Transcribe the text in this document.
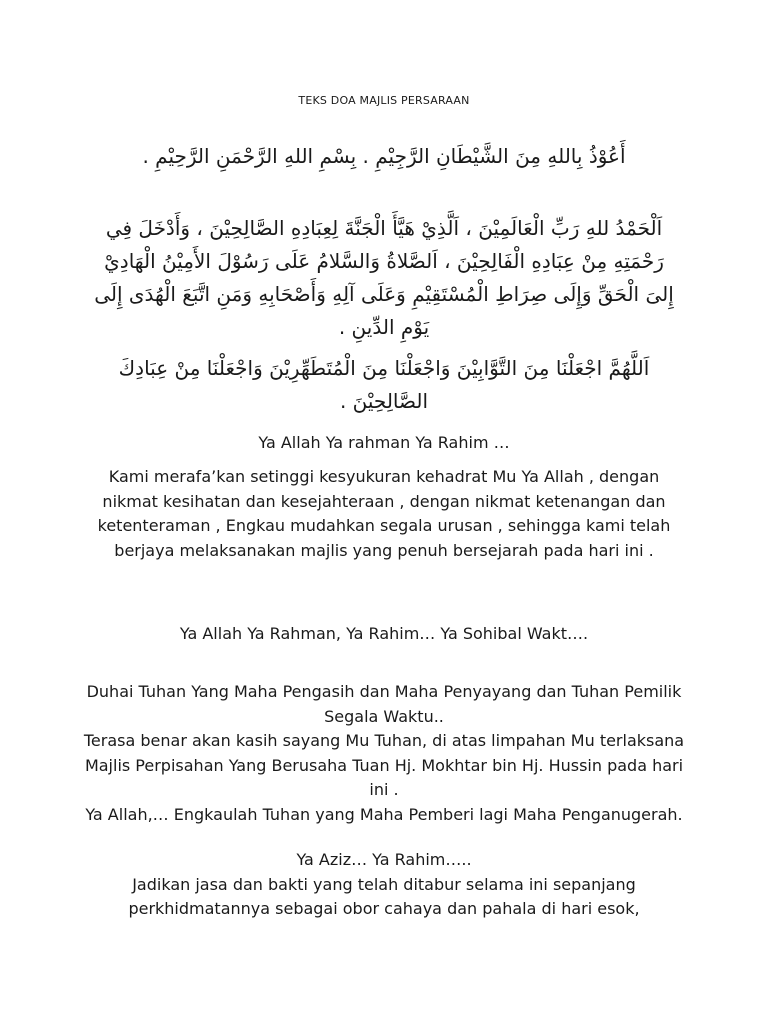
TEKS DOA MAJLIS PERSARAAN
أَعُوْذُ بِاللهِ مِنَ الشَّيْطَانِ الرَّجِيْمِ . بِسْمِ اللهِ الرَّحْمَنِ الرَّحِيْمِ .
اَلْحَمْدُ للهِ رَبِّ الْعَالَمِيْنَ ، اَلَّذِيْ هَيَّأَ الْجَنَّةَ لِعِبَادِهِ الصَّالِحِيْنَ ، وَأَدْخَلَ فِي رَحْمَتِهِ مِنْ عِبَادِهِ الْفَالِحِيْنَ ، اَلصَّلاةُ وَالسَّلامُ عَلَى رَسُوْلَ الأَمِيْنُ الْهَادِيْ إِلىَ الْحَقِّ وَإِلَى صِرَاطِ الْمُسْتَقِيْمِ وَعَلَى آلِهِ وَأَصْحَابِهِ وَمَنِ اتَّبَعَ الْهُدَى إِلَى يَوْمِ الدِّينِ .
اَللَّهُمَّ اجْعَلْنَا مِنَ التَّوَّابِيْنَ وَاجْعَلْنَا مِنَ الْمُتَطَهِّرِيْنَ وَاجْعَلْنَا مِنْ عِبَادِكَ الصَّالِحِيْنَ .
Ya Allah Ya rahman Ya Rahim …
Kami merafa’kan setinggi kesyukuran kehadrat Mu Ya Allah , dengan nikmat kesihatan dan kesejahteraan , dengan nikmat ketenangan dan ketenteraman , Engkau mudahkan segala urusan , sehingga kami telah berjaya melaksanakan majlis yang penuh bersejarah pada hari ini .
Ya Allah Ya Rahman, Ya Rahim… Ya Sohibal Wakt….
Duhai Tuhan Yang Maha Pengasih dan Maha Penyayang dan Tuhan Pemilik Segala Waktu..
Terasa benar akan kasih sayang Mu Tuhan, di atas limpahan Mu terlaksana Majlis Perpisahan Yang Berusaha Tuan Hj. Mokhtar bin Hj. Hussin pada hari ini .
Ya Allah,… Engkaulah Tuhan yang Maha Pemberi lagi Maha Penganugerah.
Ya Aziz… Ya Rahim…..
Jadikan jasa dan bakti yang telah ditabur selama ini sepanjang perkhidmatannya sebagai obor cahaya dan pahala di hari esok,
